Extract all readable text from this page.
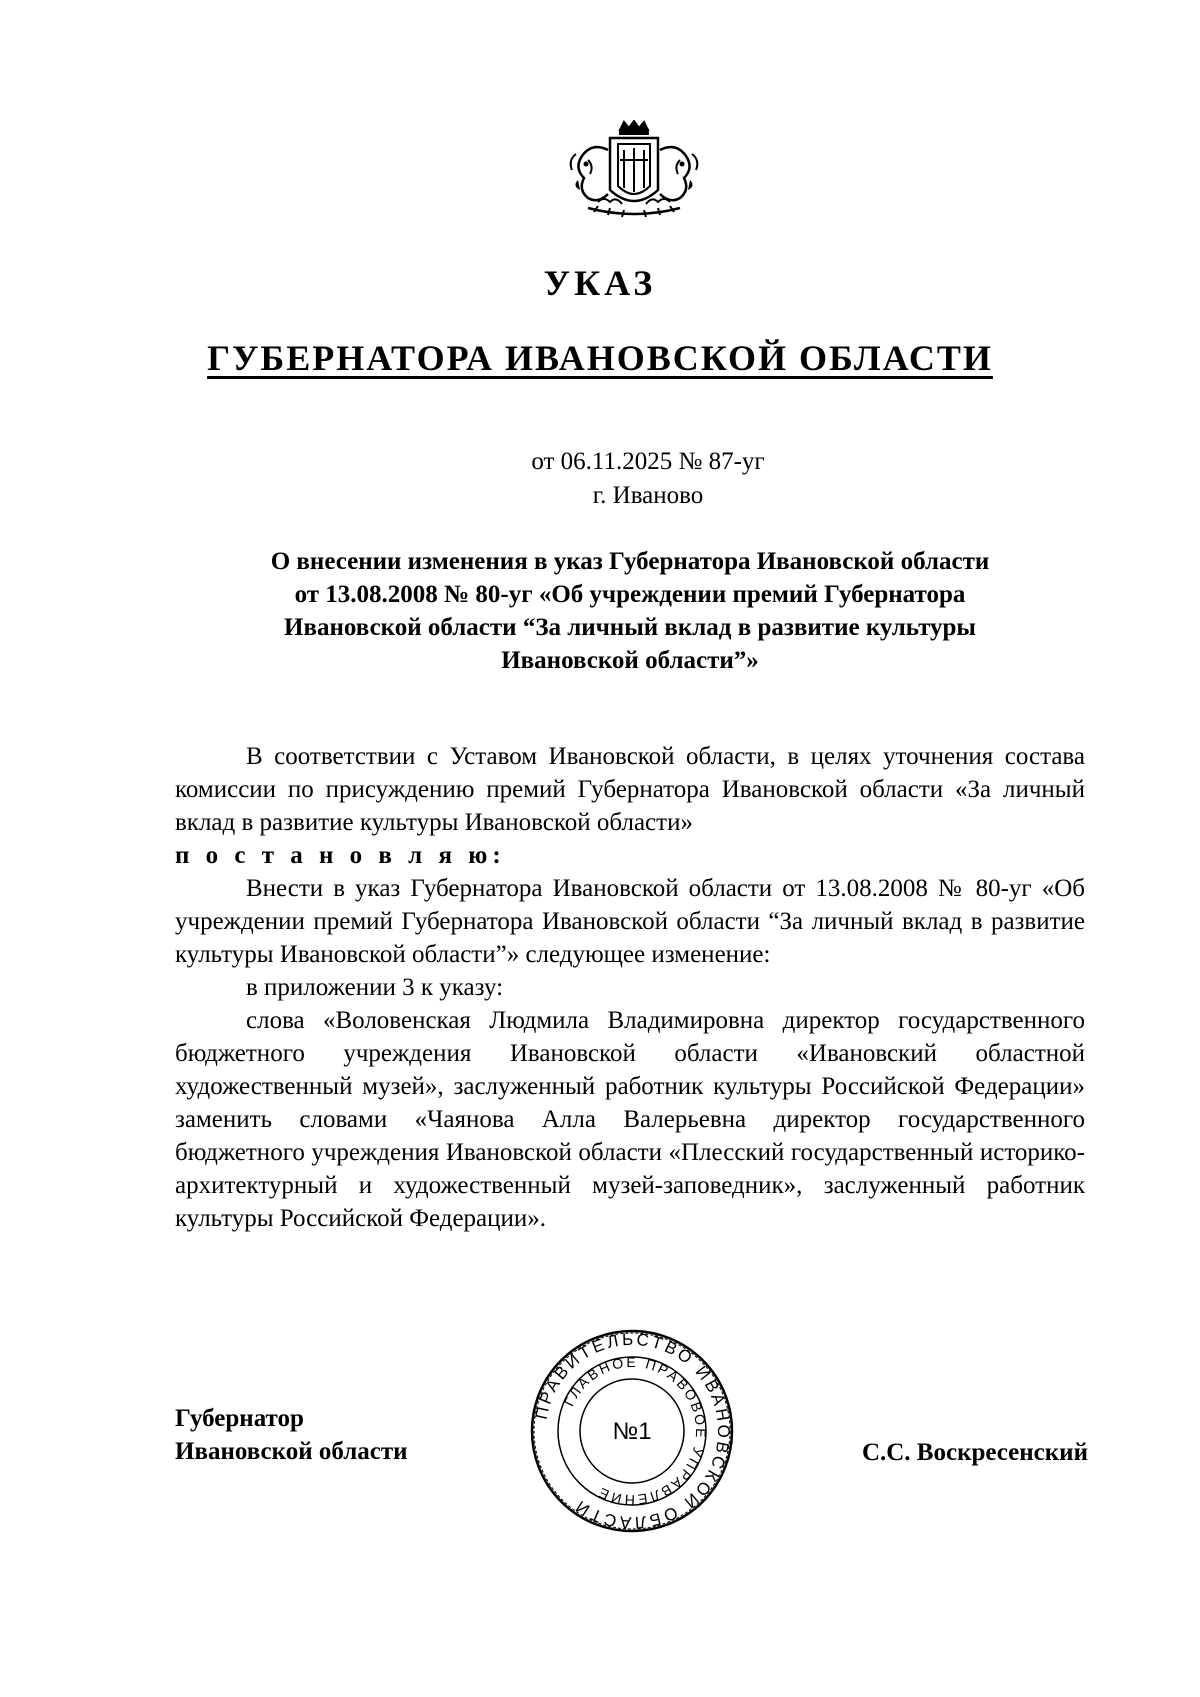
УКАЗ
ГУБЕРНАТОРА ИВАНОВСКОЙ ОБЛАСТИ
от 06.11.2025 № 87-уг
г. Иваново
О внесении изменения в указ Губернатора Ивановской области
от 13.08.2008 № 80-уг «Об учреждении премий Губернатора
Ивановской области “За личный вклад в развитие культуры
Ивановской области”»

В соответствии с Уставом Ивановской области, в целях уточнения состава комиссии по присуждению премий Губернатора Ивановской области «За личный вклад в развитие культуры Ивановской области»

п о с т а н о в л я ю:

Внести в указ Губернатора Ивановской области от 13.08.2008 № 80-уг «Об учреждении премий Губернатора Ивановской области “За личный вклад в развитие культуры Ивановской области”» следующее изменение:

в приложении 3 к указу:

слова «Воловенская Людмила Владимировна директор государственного бюджетного учреждения Ивановской области «Ивановский областной художественный музей», заслуженный работник культуры Российской Федерации» заменить словами «Чаянова Алла Валерьевна директор государственного бюджетного учреждения Ивановской области «Плесский государственный историко-архитектурный и художественный музей-заповедник», заслуженный работник культуры Российской Федерации».

Губернатор
Ивановской области	С.С. Воскресенский
ПРАВИТЕЛЬСТВО ИВАНОВСКОЙ ОБЛАСТИ
ГЛАВНОЕ ПРАВОВОЕ УПРАВЛЕНИЕ
№1
